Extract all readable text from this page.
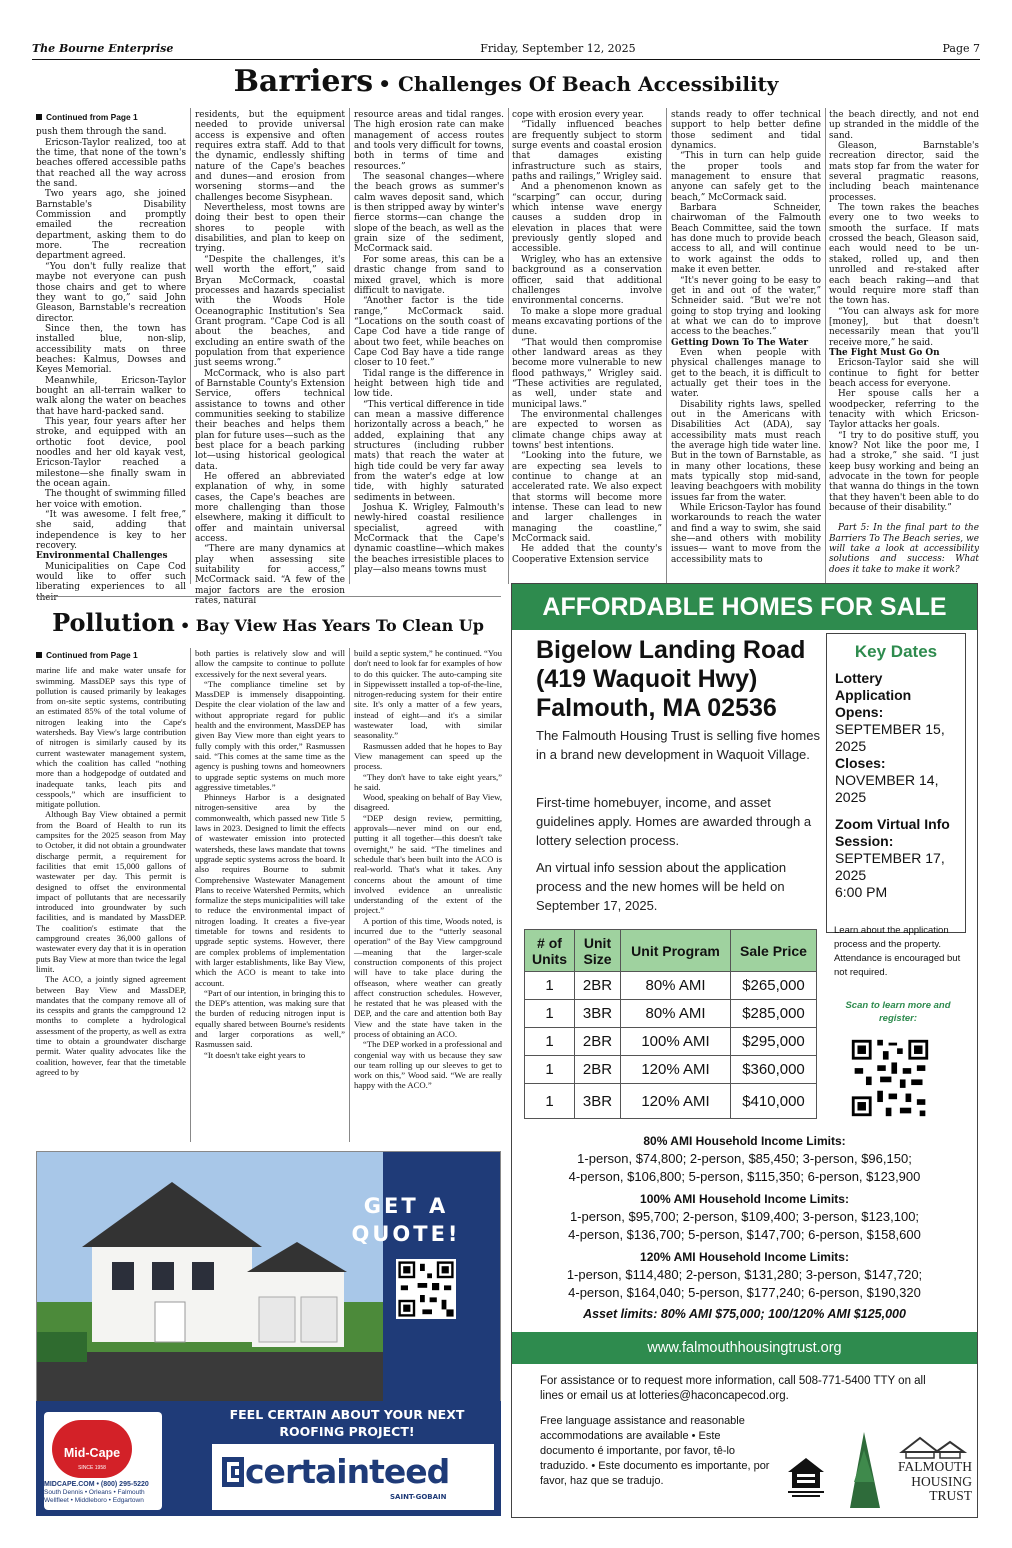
The Bourne Enterprise	Friday, September 12, 2025	Page 7
Barriers • Challenges Of Beach Accessibility

Continued from Page 1

push them through the sand.

Ericson-Taylor realized, too at the time, that none of the town's beaches offered accessible paths that reached all the way across the sand.

Two years ago, she joined Barnstable's Disability Commission and promptly emailed the recreation department, asking them to do more. The recreation department agreed.

“You don't fully realize that maybe not everyone can push those chairs and get to where they want to go,” said John Gleason, Barnstable's recreation director.

Since then, the town has installed blue, non-slip, accessibility mats on three beaches: Kalmus, Dowses and Keyes Memorial.

Meanwhile, Ericson-Taylor bought an all-terrain walker to walk along the water on beaches that have hard-packed sand.

This year, four years after her stroke, and equipped with an orthotic foot device, pool noodles and her old kayak vest, Ericson-Taylor reached a milestone—she finally swam in the ocean again.

The thought of swimming filled her voice with emotion.

“It was awesome. I felt free,” she said, adding that independence is key to her recovery.

Environmental Challenges

Municipalities on Cape Cod would like to offer such liberating experiences to all their

residents, but the equipment needed to provide universal access is expensive and often requires extra staff. Add to that the dynamic, endlessly shifting nature of the Cape's beaches and dunes—and erosion from worsening storms—and the challenges become Sisyphean.

Nevertheless, most towns are doing their best to open their shores to people with disabilities, and plan to keep on trying.

“Despite the challenges, it's well worth the effort,” said Bryan McCormack, coastal processes and hazards specialist with the Woods Hole Oceanographic Institution's Sea Grant program. “Cape Cod is all about the beaches, and excluding an entire swath of the population from that experience just seems wrong.”

McCormack, who is also part of Barnstable County's Extension Service, offers technical assistance to towns and other communities seeking to stabilize their beaches and helps them plan for future uses—such as the best place for a beach parking lot—using historical geological data.

He offered an abbreviated explanation of why, in some cases, the Cape's beaches are more challenging than those elsewhere, making it difficult to offer and maintain universal access.

“There are many dynamics at play when assessing site suitability for access,” McCormack said. “A few of the major factors are the erosion rates, natural

resource areas and tidal ranges. The high erosion rate can make management of access routes and tools very difficult for towns, both in terms of time and resources.”

The seasonal changes—where the beach grows as summer's calm waves deposit sand, which is then stripped away by winter's fierce storms—can change the slope of the beach, as well as the grain size of the sediment, McCormack said.

For some areas, this can be a drastic change from sand to mixed gravel, which is more difficult to navigate.

“Another factor is the tide range,” McCormack said. “Locations on the south coast of Cape Cod have a tide range of about two feet, while beaches on Cape Cod Bay have a tide range closer to 10 feet.”

Tidal range is the difference in height between high tide and low tide.

“This vertical difference in tide can mean a massive difference horizontally across a beach,” he added, explaining that any structures (including rubber mats) that reach the water at high tide could be very far away from the water's edge at low tide, with highly saturated sediments in between.

Joshua K. Wrigley, Falmouth's newly-hired coastal resilience specialist, agreed with McCormack that the Cape's dynamic coastline—which makes the beaches irresistible places to play—also means towns must

cope with erosion every year.

“Tidally influenced beaches are frequently subject to storm surge events and coastal erosion that damages existing infrastructure such as stairs, paths and railings,” Wrigley said.

And a phenomenon known as “scarping” can occur, during which intense wave energy causes a sudden drop in elevation in places that were previously gently sloped and accessible.

Wrigley, who has an extensive background as a conservation officer, said that additional challenges involve environmental concerns.

To make a slope more gradual means excavating portions of the dune.

“That would then compromise other landward areas as they become more vulnerable to new flood pathways,” Wrigley said. “These activities are regulated, as well, under state and municipal laws.”

The environmental challenges are expected to worsen as climate change chips away at towns' best intentions.

“Looking into the future, we are expecting sea levels to continue to change at an accelerated rate. We also expect that storms will become more intense. These can lead to new and larger challenges in managing the coastline,” McCormack said.

He added that the county's Cooperative Extension service

stands ready to offer technical support to help better define those sediment and tidal dynamics.

“This in turn can help guide the proper tools and management to ensure that anyone can safely get to the beach,” McCormack said.

Barbara Schneider, chairwoman of the Falmouth Beach Committee, said the town has done much to provide beach access to all, and will continue to work against the odds to make it even better.

“It's never going to be easy to get in and out of the water,” Schneider said. “But we're not going to stop trying and looking at what we can do to improve access to the beaches.”

Getting Down To The Water

Even when people with physical challenges manage to get to the beach, it is difficult to actually get their toes in the water.

Disability rights laws, spelled out in the Americans with Disabilities Act (ADA), say accessibility mats must reach the average high tide water line. But in the town of Barnstable, as in many other locations, these mats typically stop mid-sand, leaving beachgoers with mobility issues far from the water.

While Ericson-Taylor has found workarounds to reach the water and find a way to swim, she said she—and others with mobility issues— want to move from the accessibility mats to

the beach directly, and not end up stranded in the middle of the sand.

Gleason, Barnstable's recreation director, said the mats stop far from the water for several pragmatic reasons, including beach maintenance processes.

The town rakes the beaches every one to two weeks to smooth the surface. If mats crossed the beach, Gleason said, each would need to be un-staked, rolled up, and then unrolled and re-staked after each beach raking—and that would require more staff than the town has.

“You can always ask for more [money], but that doesn't necessarily mean that you'll receive more,” he said.

The Fight Must Go On

Ericson-Taylor said she will continue to fight for better beach access for everyone.

Her spouse calls her a woodpecker, referring to the tenacity with which Ericson-Taylor attacks her goals.

“I try to do positive stuff, you know? Not like the poor me, I had a stroke,” she said. “I just keep busy working and being an advocate in the town for people that wanna do things in the town that they haven't been able to do because of their disability.”

Part 5: In the final part to the Barriers To The Beach series, we will take a look at accessibility solutions and success: What does it take to make it work?

Pollution • Bay View Has Years To Clean Up

Continued from Page 1

marine life and make water unsafe for swimming. MassDEP says this type of pollution is caused primarily by leakages from on-site septic systems, contributing an estimated 85% of the total volume of nitrogen leaking into the Cape's watersheds. Bay View's large contribution of nitrogen is similarly caused by its current wastewater management system, which the coalition has called “nothing more than a hodgepodge of outdated and inadequate tanks, leach pits and cesspools,” which are insufficient to mitigate pollution.

Although Bay View obtained a permit from the Board of Health to run its campsites for the 2025 season from May to October, it did not obtain a groundwater discharge permit, a requirement for facilities that emit 15,000 gallons of wastewater per day. This permit is designed to offset the environmental impact of pollutants that are necessarily introduced into groundwater by such facilities, and is mandated by MassDEP. The coalition's estimate that the campground creates 36,000 gallons of wastewater every day that it is in operation puts Bay View at more than twice the legal limit.

The ACO, a jointly signed agreement between Bay View and MassDEP, mandates that the company remove all of its cesspits and grants the campground 12 months to complete a hydrological assessment of the property, as well as extra time to obtain a groundwater discharge permit. Water quality advocates like the coalition, however, fear that the timetable agreed to by

both parties is relatively slow and will allow the campsite to continue to pollute excessively for the next several years.

“The compliance timeline set by MassDEP is immensely disappointing. Despite the clear violation of the law and without appropriate regard for public health and the environment, MassDEP has given Bay View more than eight years to fully comply with this order,” Rasmussen said. “This comes at the same time as the agency is pushing towns and homeowners to upgrade septic systems on much more aggressive timetables.”

Phinneys Harbor is a designated nitrogen-sensitive area by the commonwealth, which passed new Title 5 laws in 2023. Designed to limit the effects of wastewater emission into protected watersheds, these laws mandate that towns upgrade septic systems across the board. It also requires Bourne to submit Comprehensive Wastewater Management Plans to receive Watershed Permits, which formalize the steps municipalities will take to reduce the environmental impact of nitrogen loading. It creates a five-year timetable for towns and residents to upgrade septic systems. However, there are complex problems of implementation with larger establishments, like Bay View, which the ACO is meant to take into account.

“Part of our intention, in bringing this to the DEP's attention, was making sure that the burden of reducing nitrogen input is equally shared between Bourne's residents and larger corporations as well,” Rasmussen said.

“It doesn't take eight years to

build a septic system,” he continued. “You don't need to look far for examples of how to do this quicker. The auto-camping site in Sippewissett installed a top-of-the-line, nitrogen-reducing system for their entire site. It's only a matter of a few years, instead of eight—and it's a similar wastewater load, with similar seasonality.”

Rasmussen added that he hopes to Bay View management can speed up the process.

“They don't have to take eight years,” he said.

Wood, speaking on behalf of Bay View, disagreed.

“DEP design review, permitting, approvals—never mind on our end, putting it all together—this doesn't take overnight,” he said. “The timelines and schedule that's been built into the ACO is real-world. That's what it takes. Any concerns about the amount of time involved evidence an unrealistic understanding of the extent of the project.”

A portion of this time, Woods noted, is incurred due to the “utterly seasonal operation” of the Bay View campground—meaning that the larger-scale construction components of this project will have to take place during the offseason, where weather can greatly affect construction schedules. However, he restated that he was pleased with the DEP, and the care and attention both Bay View and the state have taken in the process of obtaining an ACO.

“The DEP worked in a professional and congenial way with us because they saw our team rolling up our sleeves to get to work on this,” Wood said. “We are really happy with the ACO.”

AFFORDABLE HOMES FOR SALE
Bigelow Landing Road
(419 Waquoit Hwy)
Falmouth, MA 02536
The Falmouth Housing Trust is selling five homes in a brand new development in Waquoit Village.
First-time homebuyer, income, and asset guidelines apply. Homes are awarded through a lottery selection process.
An virtual info session about the application process and the new homes will be held on September 17, 2025.
Key Dates
Lottery Application Opens:
SEPTEMBER 15, 2025
Closes:
NOVEMBER 14, 2025
Zoom Virtual Info Session:
SEPTEMBER 17, 2025
6:00 PM
Learn about the application process and the property. Attendance is encouraged but not required.
Scan to learn more and register:
# of Units	Unit Size	Unit Program	Sale Price
1	2BR	80% AMI	$265,000
1	3BR	80% AMI	$285,000
1	2BR	100% AMI	$295,000
1	2BR	120% AMI	$360,000
1	3BR	120% AMI	$410,000
80% AMI Household Income Limits:
1-person, $74,800; 2-person, $85,450; 3-person, $96,150;
4-person, $106,800; 5-person, $115,350; 6-person, $123,900
100% AMI Household Income Limits:
1-person, $95,700; 2-person, $109,400; 3-person, $123,100;
4-person, $136,700; 5-person, $147,700; 6-person, $158,600
120% AMI Household Income Limits:
1-person, $114,480; 2-person, $131,280; 3-person, $147,720;
4-person, $164,040; 5-person, $177,240; 6-person, $190,320
Asset limits: 80% AMI $75,000; 100/120% AMI $125,000
www.falmouthhousingtrust.org
For assistance or to request more information, call 508-771-5400 TTY on all lines or email us at lotteries@haconcapecod.org.
Free language assistance and reasonable accommodations are available • Este documento é importante, por favor, tê-lo traduzido. • Este documento es importante, por favor, haz que se tradujo.
FALMOUTH
HOUSING
TRUST
GET A
QUOTE!
Mid-Cape
SINCE 1958
MIDCAPE.COM • (800) 295-5220
South Dennis • Orleans • Falmouth
Wellfleet • Middleboro • Edgartown
FEEL CERTAIN ABOUT YOUR NEXT
ROOFING PROJECT!
certainteed
SAINT-GOBAIN
